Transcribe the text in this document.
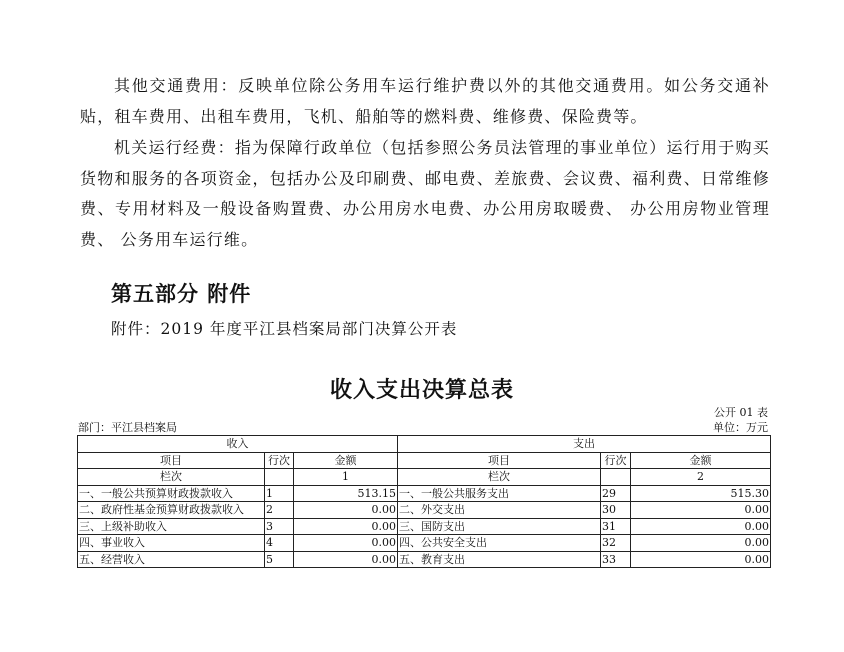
其他交通费用：反映单位除公务用车运行维护费以外的其他交通费用。如公务交通补贴，租车费用、出租车费用，飞机、船舶等的燃料费、维修费、保险费等。

机关运行经费：指为保障行政单位（包括参照公务员法管理的事业单位）运行用于购买货物和服务的各项资金，包括办公及印刷费、邮电费、差旅费、会议费、福利费、日常维修费、专用材料及一般设备购置费、办公用房水电费、办公用房取暖费、 办公用房物业管理费、 公务用车运行维。

第五部分 附件

附件：2019 年度平江县档案局部门决算公开表

收入支出决算总表

公开 01 表

部门：平江县档案局	单位：万元

收入			支出		
项目	行次	金额	项目	行次	金额
栏次		1	栏次		2
一、一般公共预算财政拨款收入	1	513.15	一、一般公共服务支出	29	515.30
二、政府性基金预算财政拨款收入	2	0.00	二、外交支出	30	0.00
三、上级补助收入	3	0.00	三、国防支出	31	0.00
四、事业收入	4	0.00	四、公共安全支出	32	0.00
五、经营收入	5	0.00	五、教育支出	33	0.00
